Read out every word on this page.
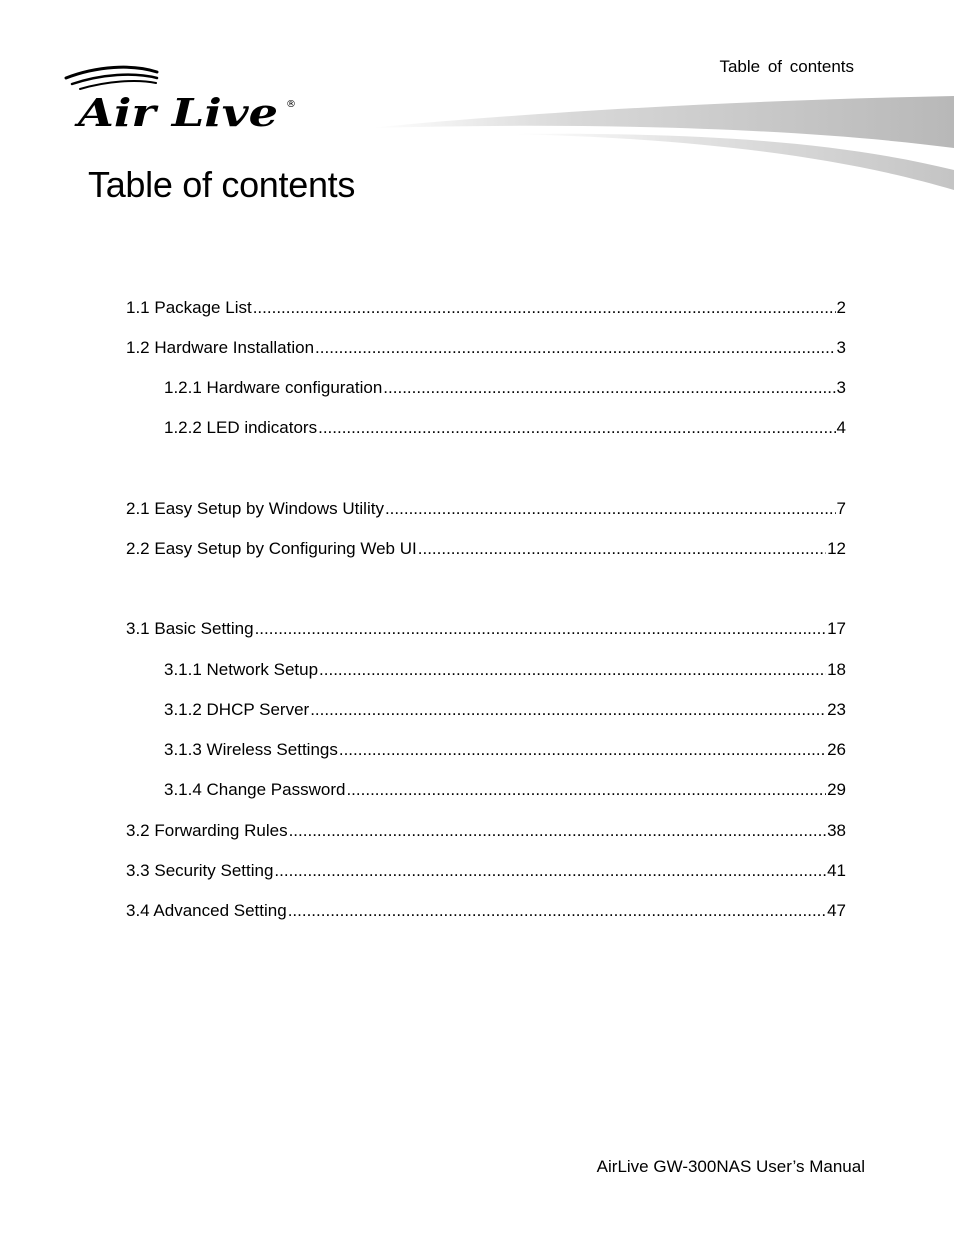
Table of contents
Air Live ®
Table of contents
1.1 Package List .....	2
1.2 Hardware Installation .....	3
1.2.1 Hardware configuration .....	3
1.2.2 LED indicators .....	4
2.1 Easy Setup by Windows Utility .....	7
2.2 Easy Setup by Configuring Web UI .....	12
3.1 Basic Setting .....	17
3.1.1 Network Setup .....	18
3.1.2 DHCP Server .....	23
3.1.3 Wireless Settings .....	26
3.1.4 Change Password .....	29
3.2 Forwarding Rules .....	38
3.3 Security Setting .....	41
3.4 Advanced Setting .....	47
AirLive GW-300NAS User’s Manual
